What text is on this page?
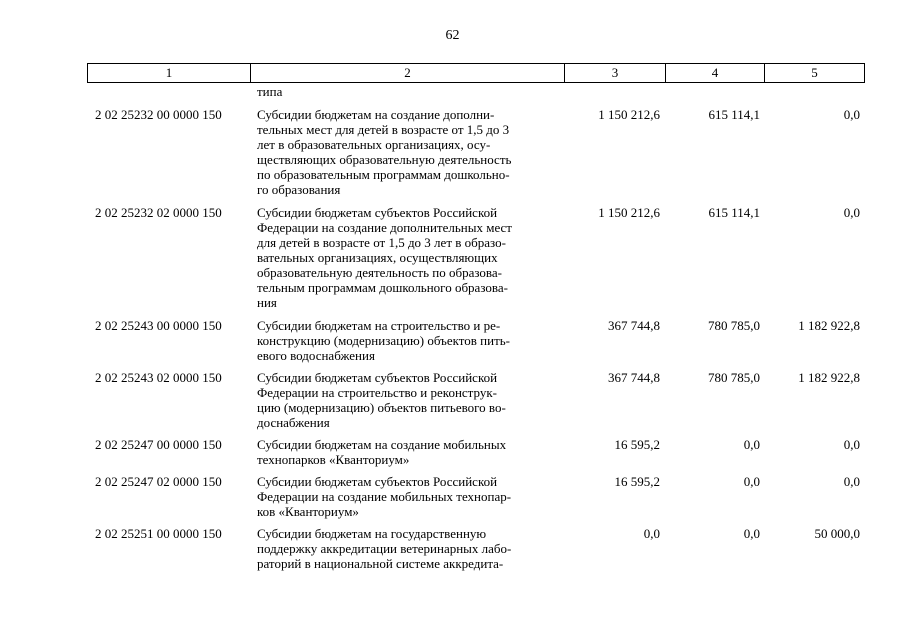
62
1	2	3	4	5
типа
2 02 25232 00 0000 150	Субсидии бюджетам на создание дополни-
тельных мест для детей в возрасте от 1,5 до 3
лет в образовательных организациях, осу-
ществляющих образовательную деятельность
по образовательным программам дошкольно-
го образования
1 150 212,6	615 114,1	0,0
2 02 25232 02 0000 150	Субсидии бюджетам субъектов Российской
Федерации на создание дополнительных мест
для детей в возрасте от 1,5 до 3 лет в образо-
вательных организациях, осуществляющих
образовательную деятельность по образова-
тельным программам дошкольного образова-
ния
1 150 212,6	615 114,1	0,0
2 02 25243 00 0000 150	Субсидии бюджетам на строительство и ре-
конструкцию (модернизацию) объектов пить-
евого водоснабжения
367 744,8	780 785,0	1 182 922,8
2 02 25243 02 0000 150	Субсидии бюджетам субъектов Российской
Федерации на строительство и реконструк-
цию (модернизацию) объектов питьевого во-
доснабжения
367 744,8	780 785,0	1 182 922,8
2 02 25247 00 0000 150	Субсидии бюджетам на создание мобильных
технопарков «Кванториум»
16 595,2	0,0	0,0
2 02 25247 02 0000 150	Субсидии бюджетам субъектов Российской
Федерации на создание мобильных технопар-
ков «Кванториум»
16 595,2	0,0	0,0
2 02 25251 00 0000 150	Субсидии бюджетам на государственную
поддержку аккредитации ветеринарных лабо-
раторий в национальной системе аккредита-
0,0	0,0	50 000,0
